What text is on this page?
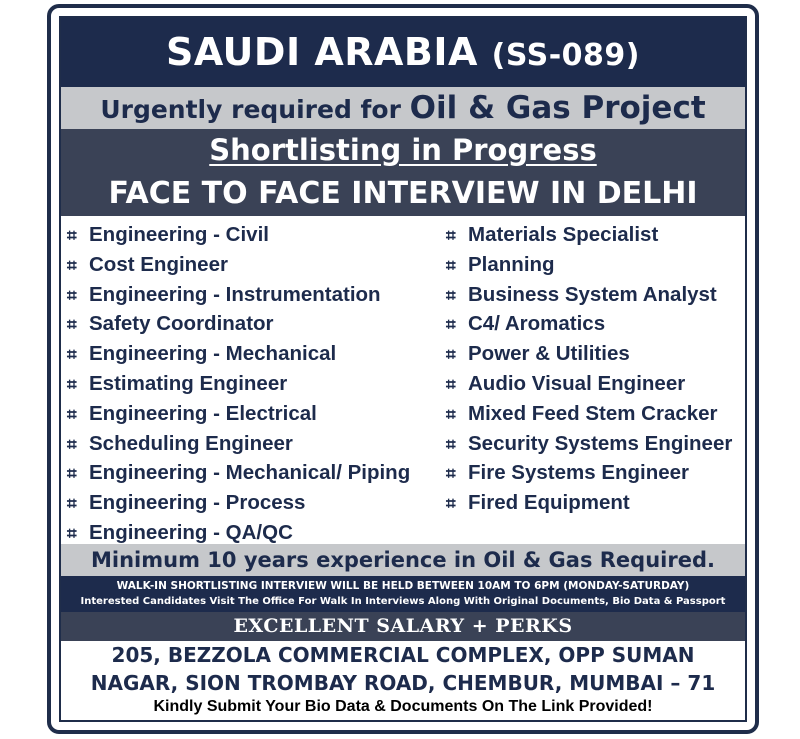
SAUDI ARABIA (SS-089)
Urgently required for Oil & Gas Project
Shortlisting in Progress
FACE TO FACE INTERVIEW IN DELHI
⌗ Engineering - Civil
⌗ Cost Engineer
⌗ Engineering - Instrumentation
⌗ Safety Coordinator
⌗ Engineering - Mechanical
⌗ Estimating Engineer
⌗ Engineering - Electrical
⌗ Scheduling Engineer
⌗ Engineering - Mechanical/ Piping
⌗ Engineering - Process
⌗ Engineering - QA/QC
⌗ Materials Specialist
⌗ Planning
⌗ Business System Analyst
⌗ C4/ Aromatics
⌗ Power & Utilities
⌗ Audio Visual Engineer
⌗ Mixed Feed Stem Cracker
⌗ Security Systems Engineer
⌗ Fire Systems Engineer
⌗ Fired Equipment
Minimum 10 years experience in Oil & Gas Required.
WALK-IN SHORTLISTING INTERVIEW WILL BE HELD BETWEEN 10AM TO 6PM (MONDAY-SATURDAY)
Interested Candidates Visit The Office For Walk In Interviews Along With Original Documents, Bio Data & Passport
EXCELLENT SALARY + PERKS
205, BEZZOLA COMMERCIAL COMPLEX, OPP SUMAN
NAGAR, SION TROMBAY ROAD, CHEMBUR, MUMBAI – 71
Kindly Submit Your Bio Data & Documents On The Link Provided!
